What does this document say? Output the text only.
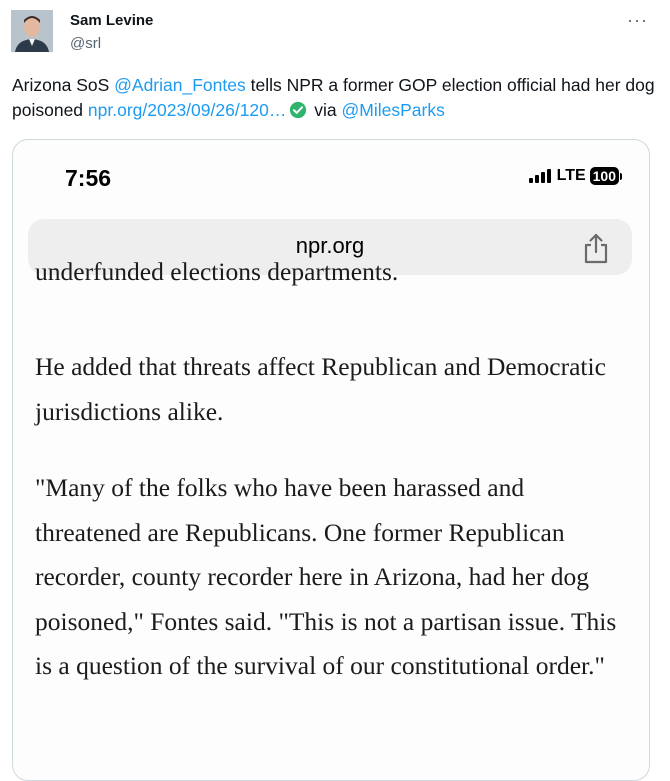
Sam Levine
@srl
···
Arizona SoS @Adrian_Fontes tells NPR a former GOP election official had her dog poisoned npr.org/2023/09/26/120… via @MilesParks
7:56	LTE 100
npr.org
underfunded elections departments.
He added that threats affect Republican and Democratic jurisdictions alike.
"Many of the folks who have been harassed and threatened are Republicans. One former Republican recorder, county recorder here in Arizona, had her dog poisoned," Fontes said. "This is not a partisan issue. This is a question of the survival of our constitutional order."
